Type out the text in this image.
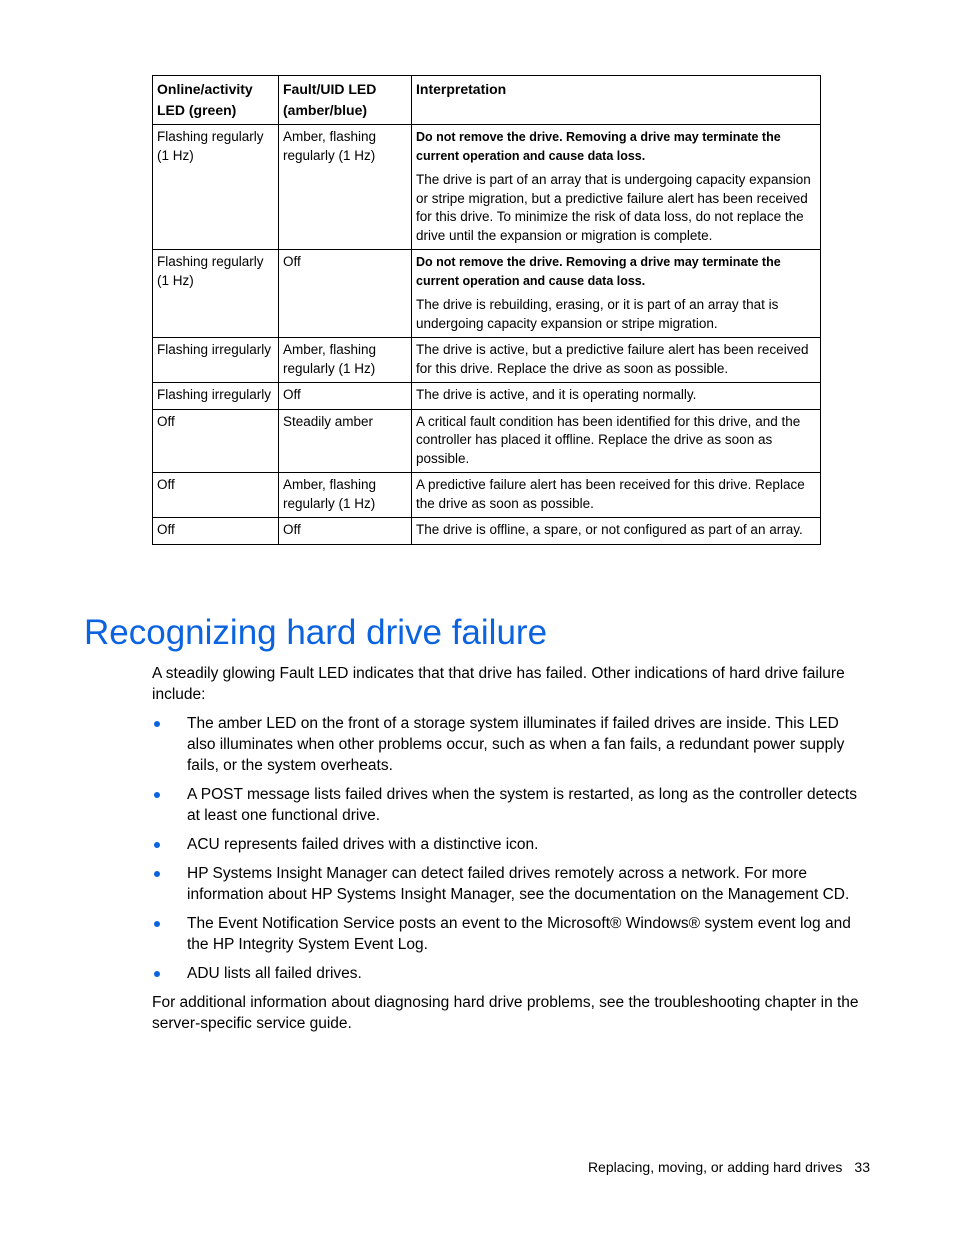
Online/activity LED (green)	Fault/UID LED (amber/blue)	Interpretation
Flashing regularly (1 Hz)	Amber, flashing regularly (1 Hz)	Do not remove the drive. Removing a drive may terminate the current operation and cause data loss.

The drive is part of an array that is undergoing capacity expansion or stripe migration, but a predictive failure alert has been received for this drive. To minimize the risk of data loss, do not replace the drive until the expansion or migration is complete.

Flashing regularly (1 Hz)	Off	Do not remove the drive. Removing a drive may terminate the current operation and cause data loss.

The drive is rebuilding, erasing, or it is part of an array that is undergoing capacity expansion or stripe migration.

Flashing irregularly	Amber, flashing regularly (1 Hz)	The drive is active, but a predictive failure alert has been received for this drive. Replace the drive as soon as possible.

Flashing irregularly	Off	The drive is active, and it is operating normally.

Off	Steadily amber	A critical fault condition has been identified for this drive, and the controller has placed it offline. Replace the drive as soon as possible.

Off	Amber, flashing regularly (1 Hz)	A predictive failure alert has been received for this drive. Replace the drive as soon as possible.

Off	Off	The drive is offline, a spare, or not configured as part of an array.

Recognizing hard drive failure

A steadily glowing Fault LED indicates that that drive has failed. Other indications of hard drive failure include:

The amber LED on the front of a storage system illuminates if failed drives are inside. This LED also illuminates when other problems occur, such as when a fan fails, a redundant power supply fails, or the system overheats.
A POST message lists failed drives when the system is restarted, as long as the controller detects at least one functional drive.
ACU represents failed drives with a distinctive icon.
HP Systems Insight Manager can detect failed drives remotely across a network. For more information about HP Systems Insight Manager, see the documentation on the Management CD.
The Event Notification Service posts an event to the Microsoft® Windows® system event log and the HP Integrity System Event Log.
ADU lists all failed drives.

For additional information about diagnosing hard drive problems, see the troubleshooting chapter in the server-specific service guide.

Replacing, moving, or adding hard drives 33
